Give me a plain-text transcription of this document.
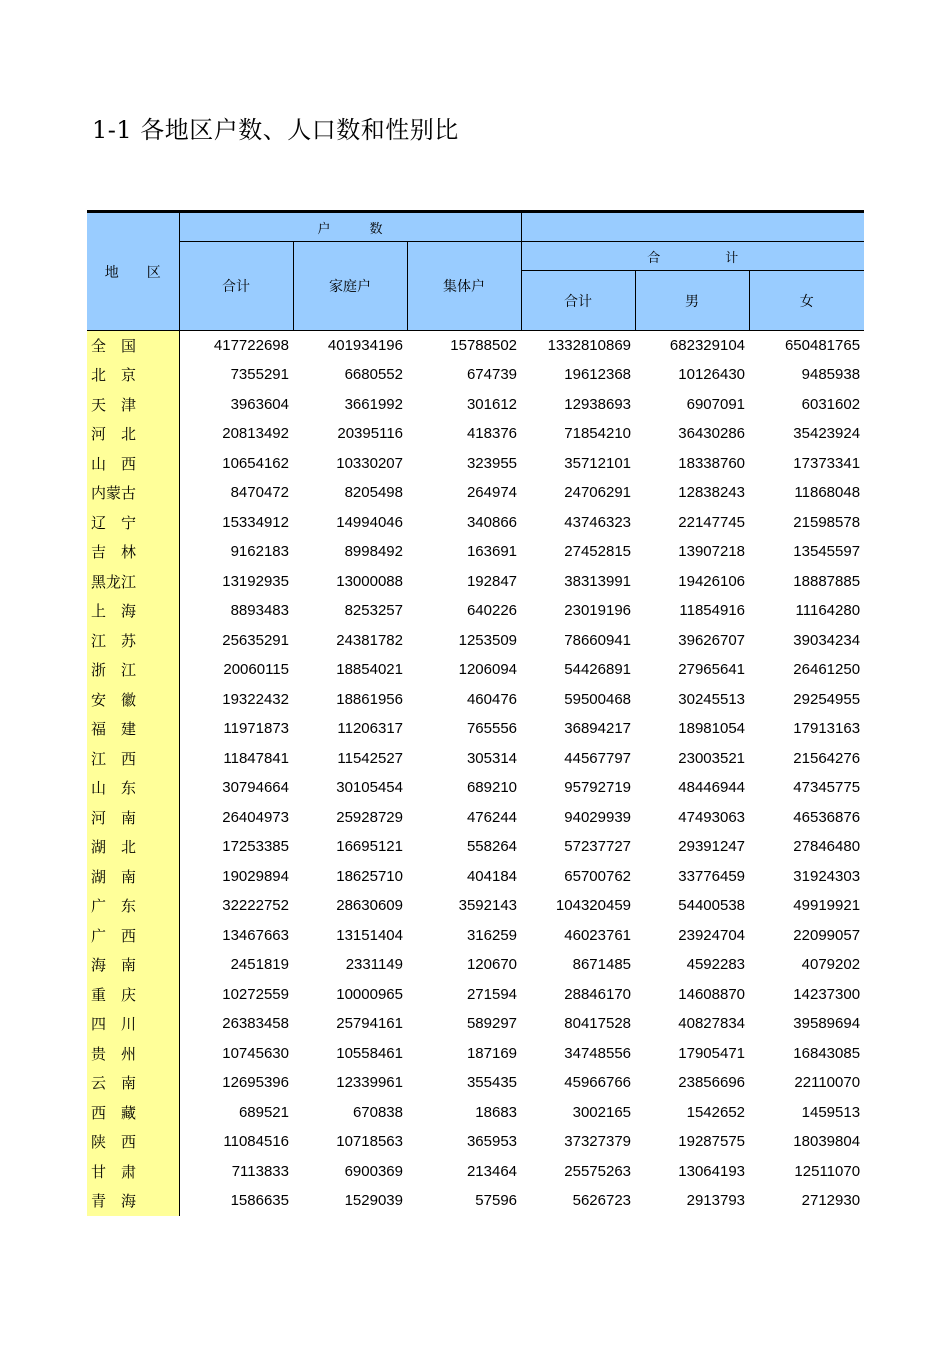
1-1 各地区户数、人口数和性别比
地　　区	户　　　数					
	合计	家庭户	集体户	合　　　　　计		
				合计	男	女
全　国	417722698	401934196	15788502	1332810869	682329104	650481765
北　京	7355291	6680552	674739	19612368	10126430	9485938
天　津	3963604	3661992	301612	12938693	6907091	6031602
河　北	20813492	20395116	418376	71854210	36430286	35423924
山　西	10654162	10330207	323955	35712101	18338760	17373341
内蒙古	8470472	8205498	264974	24706291	12838243	11868048
辽　宁	15334912	14994046	340866	43746323	22147745	21598578
吉　林	9162183	8998492	163691	27452815	13907218	13545597
黑龙江	13192935	13000088	192847	38313991	19426106	18887885
上　海	8893483	8253257	640226	23019196	11854916	11164280
江　苏	25635291	24381782	1253509	78660941	39626707	39034234
浙　江	20060115	18854021	1206094	54426891	27965641	26461250
安　徽	19322432	18861956	460476	59500468	30245513	29254955
福　建	11971873	11206317	765556	36894217	18981054	17913163
江　西	11847841	11542527	305314	44567797	23003521	21564276
山　东	30794664	30105454	689210	95792719	48446944	47345775
河　南	26404973	25928729	476244	94029939	47493063	46536876
湖　北	17253385	16695121	558264	57237727	29391247	27846480
湖　南	19029894	18625710	404184	65700762	33776459	31924303
广　东	32222752	28630609	3592143	104320459	54400538	49919921
广　西	13467663	13151404	316259	46023761	23924704	22099057
海　南	2451819	2331149	120670	8671485	4592283	4079202
重　庆	10272559	10000965	271594	28846170	14608870	14237300
四　川	26383458	25794161	589297	80417528	40827834	39589694
贵　州	10745630	10558461	187169	34748556	17905471	16843085
云　南	12695396	12339961	355435	45966766	23856696	22110070
西　藏	689521	670838	18683	3002165	1542652	1459513
陕　西	11084516	10718563	365953	37327379	19287575	18039804
甘　肃	7113833	6900369	213464	25575263	13064193	12511070
青　海	1586635	1529039	57596	5626723	2913793	2712930
